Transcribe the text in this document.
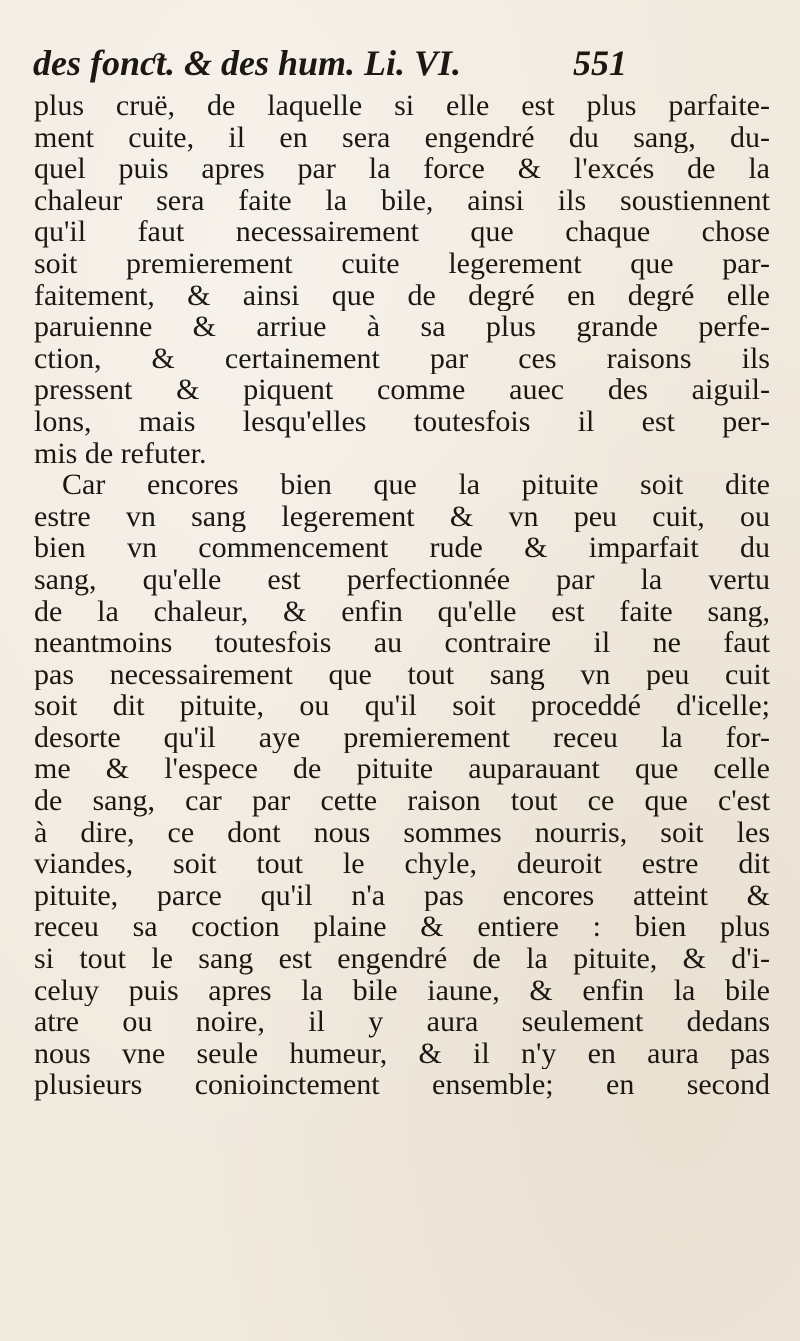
des fonƈt. & des hum. Li. VI.	551
plus cruë, de laquelle si elle est plus parfaite-
ment cuite, il en sera engendré du sang, du-
quel puis apres par la force & l'excés de la
chaleur sera faite la bile, ainsi ils soustiennent
qu'il faut necessairement que chaque chose
soit premierement cuite legerement que par-
faitement, & ainsi que de degré en degré elle
paruienne & arriue à sa plus grande perfe-
ction, & certainement par ces raisons ils
pressent & piquent comme auec des aiguil-
lons, mais lesqu'elles toutesfois il est per-
mis de refuter.
Car encores bien que la pituite soit dite
estre vn sang legerement & vn peu cuit, ou
bien vn commencement rude & imparfait du
sang, qu'elle est perfectionnée par la vertu
de la chaleur, & enfin qu'elle est faite sang,
neantmoins toutesfois au contraire il ne faut
pas necessairement que tout sang vn peu cuit
soit dit pituite, ou qu'il soit proceddé d'icelle;
desorte qu'il aye premierement receu la for-
me & l'espece de pituite auparauant que celle
de sang, car par cette raison tout ce que c'est
à dire, ce dont nous sommes nourris, soit les
viandes, soit tout le chyle, deuroit estre dit
pituite, parce qu'il n'a pas encores atteint &
receu sa coction plaine & entiere : bien plus
si tout le sang est engendré de la pituite, & d'i-
celuy puis apres la bile iaune, & enfin la bile
atre ou noire, il y aura seulement dedans
nous vne seule humeur, & il n'y en aura pas
plusieurs conioinctement ensemble; en second
